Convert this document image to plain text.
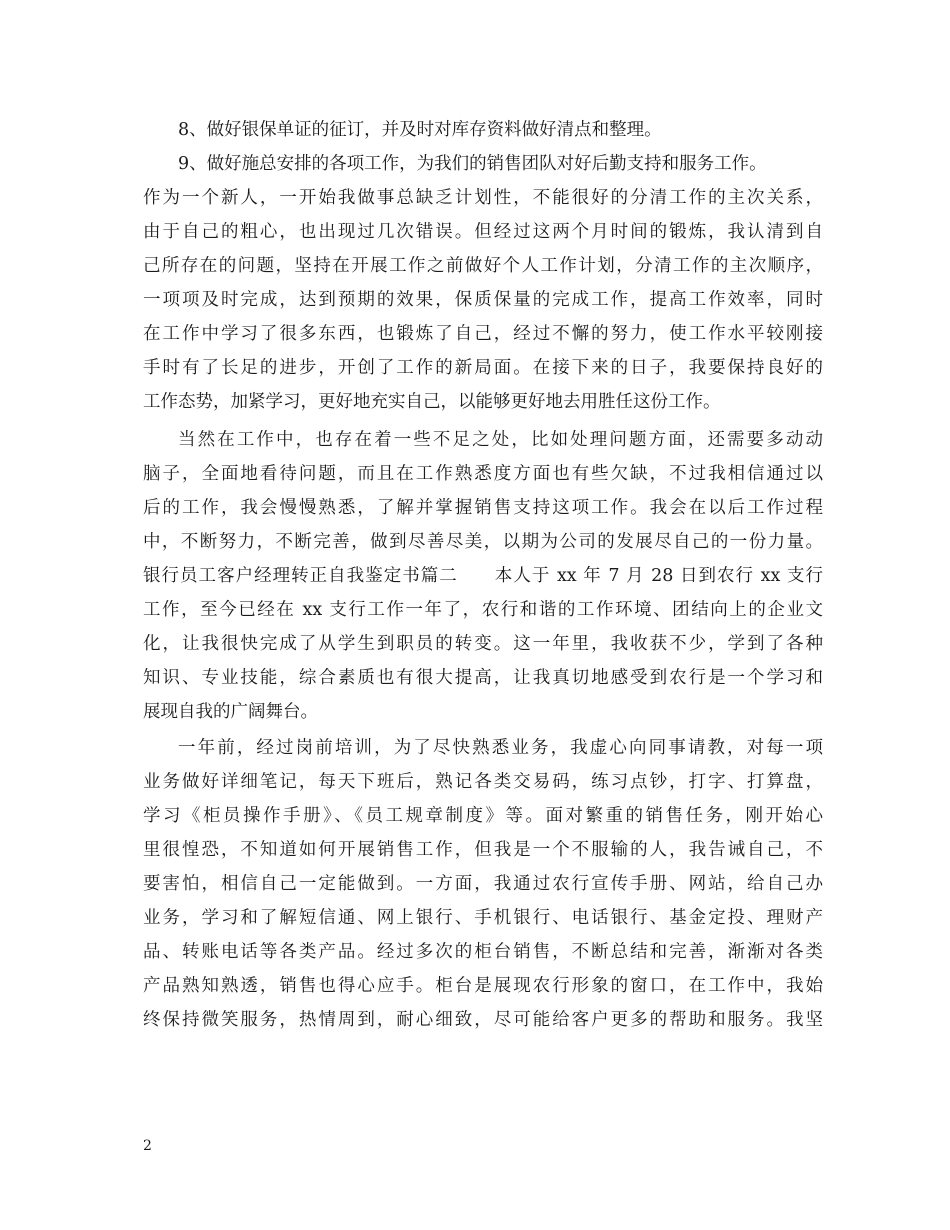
8、做好银保单证的征订，并及时对库存资料做好清点和整理。
9、做好施总安排的各项工作，为我们的销售团队对好后勤支持和服务工作。
作为一个新人，一开始我做事总缺乏计划性，不能很好的分清工作的主次关系，
由于自己的粗心，也出现过几次错误。但经过这两个月时间的锻炼，我认清到自
己所存在的问题，坚持在开展工作之前做好个人工作计划，分清工作的主次顺序，
一项项及时完成，达到预期的效果，保质保量的完成工作，提高工作效率，同时
在工作中学习了很多东西，也锻炼了自己，经过不懈的努力，使工作水平较刚接
手时有了长足的进步，开创了工作的新局面。在接下来的日子，我要保持良好的
工作态势，加紧学习，更好地充实自己，以能够更好地去用胜任这份工作。
当然在工作中，也存在着一些不足之处，比如处理问题方面，还需要多动动
脑子，全面地看待问题，而且在工作熟悉度方面也有些欠缺，不过我相信通过以
后的工作，我会慢慢熟悉，了解并掌握销售支持这项工作。我会在以后工作过程
中，不断努力，不断完善，做到尽善尽美，以期为公司的发展尽自己的一份力量。
银行员工客户经理转正自我鉴定书篇二　　本人于 xx 年 7 月 28 日到农行 xx 支行
工作，至今已经在 xx 支行工作一年了，农行和谐的工作环境、团结向上的企业文
化，让我很快完成了从学生到职员的转变。这一年里，我收获不少，学到了各种
知识、专业技能，综合素质也有很大提高，让我真切地感受到农行是一个学习和
展现自我的广阔舞台。
一年前，经过岗前培训，为了尽快熟悉业务，我虚心向同事请教，对每一项
业务做好详细笔记，每天下班后，熟记各类交易码，练习点钞，打字、打算盘，
学习《柜员操作手册》、《员工规章制度》等。面对繁重的销售任务，刚开始心
里很惶恐，不知道如何开展销售工作，但我是一个不服输的人，我告诫自己，不
要害怕，相信自己一定能做到。一方面，我通过农行宣传手册、网站，给自己办
业务，学习和了解短信通、网上银行、手机银行、电话银行、基金定投、理财产
品、转账电话等各类产品。经过多次的柜台销售，不断总结和完善，渐渐对各类
产品熟知熟透，销售也得心应手。柜台是展现农行形象的窗口，在工作中，我始
终保持微笑服务，热情周到，耐心细致，尽可能给客户更多的帮助和服务。我坚
2
